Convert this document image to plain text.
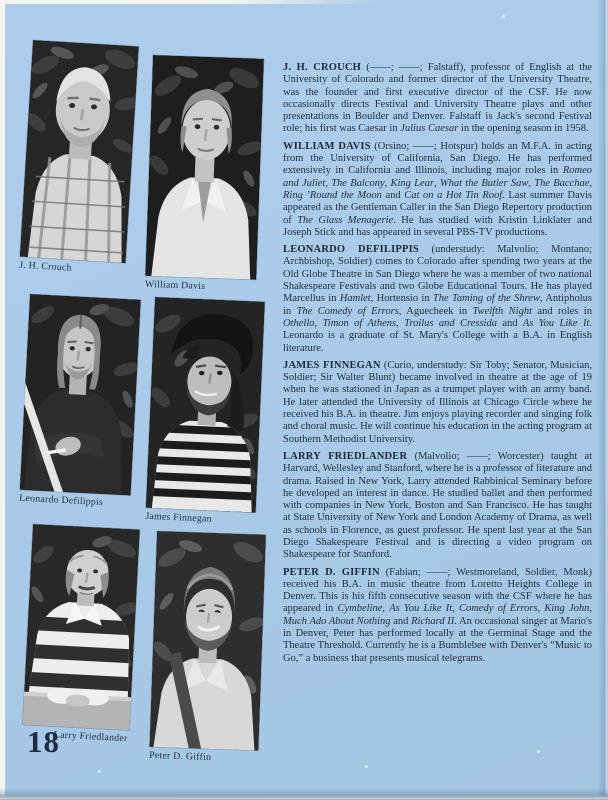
J. H. Crouch
William Davis
Leonardo Defilippis
James Finnegan
Larry Friedlander
Peter D. Giffin

J. H. CROUCH (——; ——; Falstaff), professor of English at the University of Colorado and former director of the University Theatre, was the founder and first executive director of the CSF. He now occasionally directs Festival and University Theatre plays and other presentations in Boulder and Denver. Falstaff is Jack's second Festival role; his first was Caesar in Julius Caesar in the opening season in 1958.

WILLIAM DAVIS (Orsino; ——; Hotspur) holds an M.F.A. in acting from the University of California, San Diego. He has performed extensively in California and Illinois, including major roles in Romeo and Juliet, The Balcony, King Lear, What the Butler Saw, The Bacchae, Ring ’Round the Moon and Cat on a Hot Tin Roof. Last summer Davis appeared as the Gentleman Caller in the San Diego Repertory production of The Glass Menagerie. He has studied with Kristin Linklater and Joseph Stick and has appeared in several PBS-TV productions.

LEONARDO DEFILIPPIS (understudy: Malvolio; Montano; Archbishop, Soldier) comes to Colorado after spending two years at the Old Globe Theatre in San Diego where he was a member of two national Shakespeare Festivals and two Globe Educational Tours. He has played Marcellus in Hamlet, Hortensio in The Taming of the Shrew, Antipholus in The Comedy of Errors, Aguecheek in Twelfth Night and roles in Othello, Timon of Athens, Troilus and Cressida and As You Like It. Leonardo is a graduate of St. Mary's College with a B.A. in English literature.

JAMES FINNEGAN (Curio, understudy: Sir Toby; Senator, Musician, Soldier; Sir Walter Blunt) became involved in theatre at the age of 19 when he was stationed in Japan as a trumpet player with an army band. He later attended the University of Illinois at Chicago Circle where he received his B.A. in theatre. Jim enjoys playing recorder and singing folk and choral music. He will continue his education in the acting program at Southern Methodist University.

LARRY FRIEDLANDER (Malvolio; ——; Worcester) taught at Harvard, Wellesley and Stanford, where he is a professor of literature and drama. Raised in New York, Larry attended Rabbinical Seminary before he developed an interest in dance. He studied ballet and then performed with companies in New York, Boston and San Francisco. He has taught at State University of New York and London Academy of Drama, as well as schools in Florence, as guest professor. He spent last year at the San Diego Shakespeare Festival and is directing a video program on Shakespeare for Stanford.

PETER D. GIFFIN (Fabian; ——; Westmoreland, Soldier, Monk) received his B.A. in music theatre from Loretto Heights College in Denver. This is his fifth consecutive season with the CSF where he has appeared in Cymbeline, As You Like It, Comedy of Errors, King John, Much Ado About Nothing and Richard II. An occasional singer at Mario's in Denver, Peter has performed locally at the Germinal Stage and the Theatre Threshold. Currently he is a Bumblebee with Denver's “Music to Go,” a business that presents musical telegrams.

18
